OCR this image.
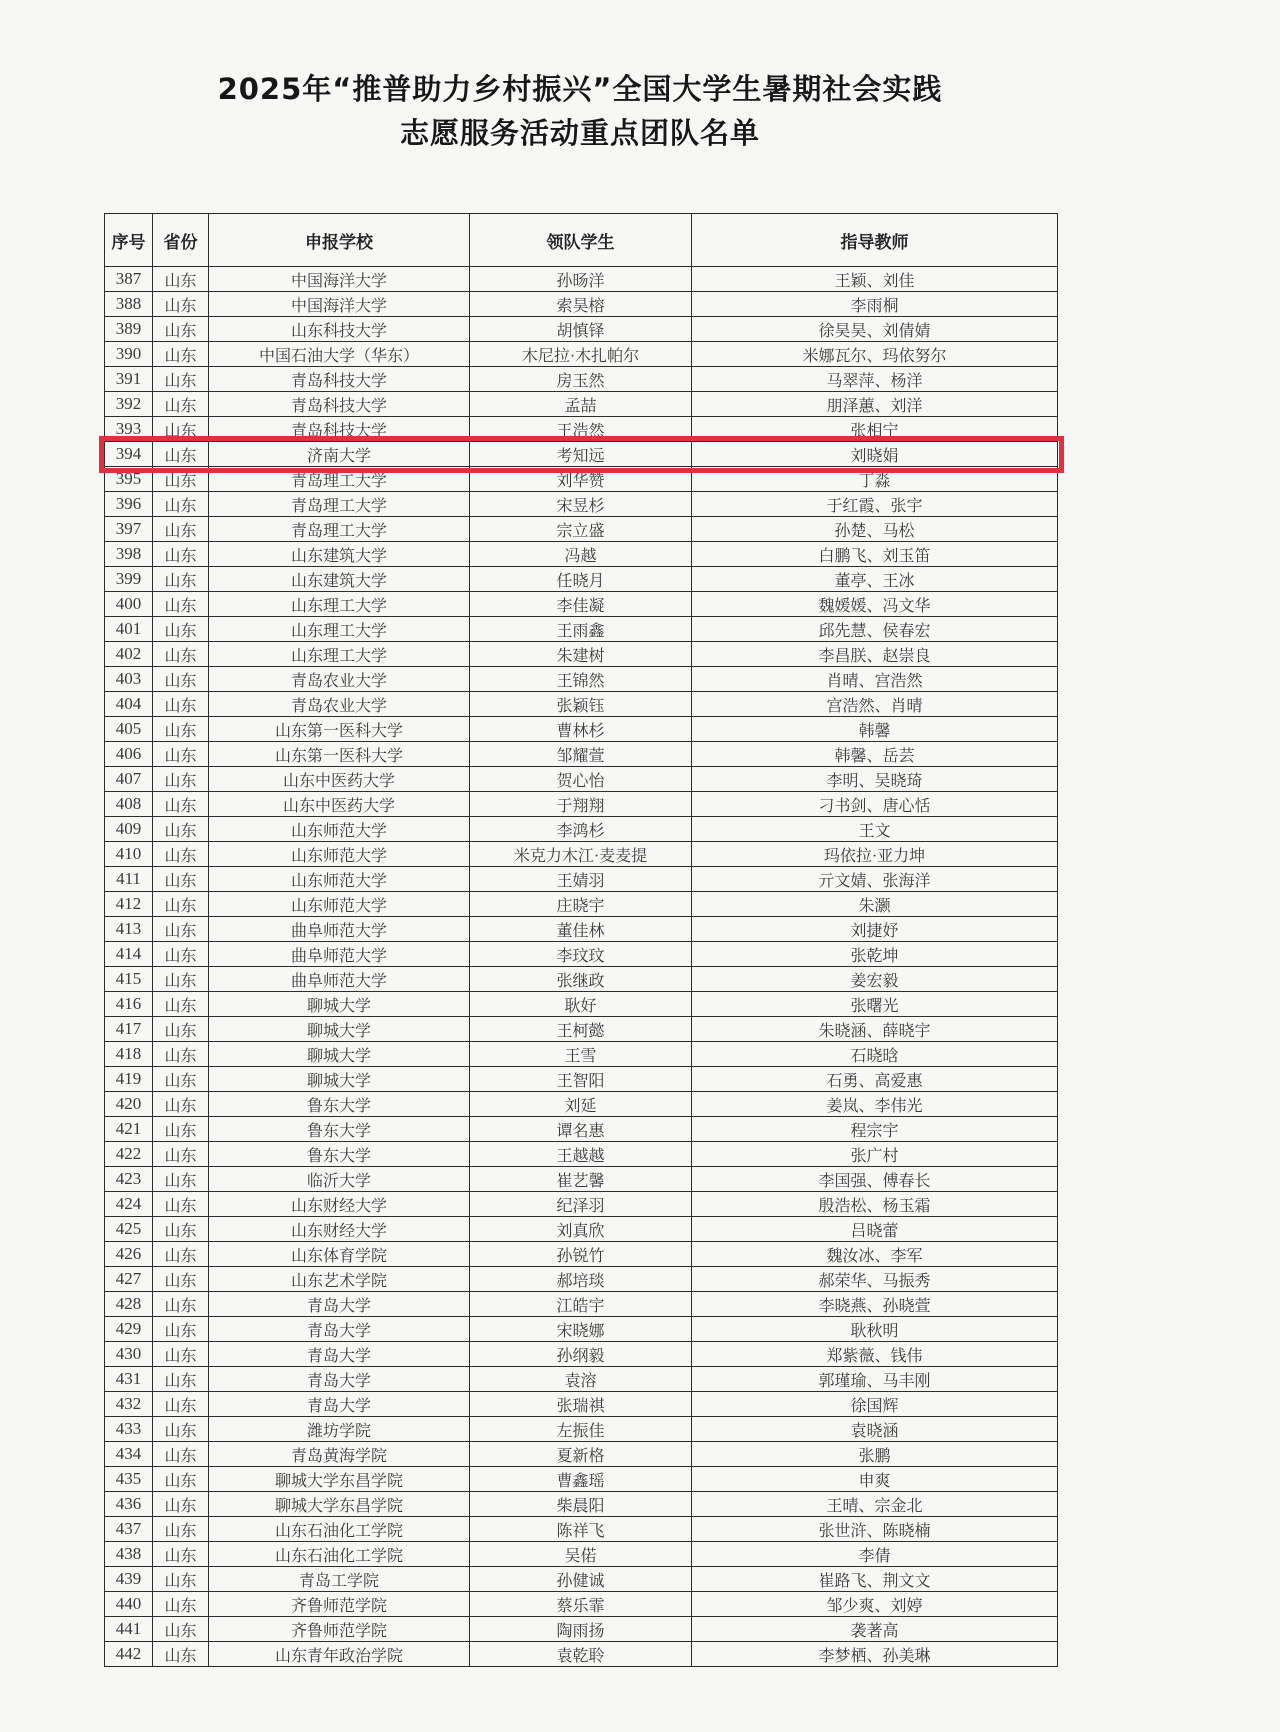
2025年“推普助力乡村振兴”全国大学生暑期社会实践
志愿服务活动重点团队名单
序号	省份	申报学校	领队学生	指导教师
387	山东	中国海洋大学	孙旸洋	王颖、刘佳
388	山东	中国海洋大学	索昊榕	李雨桐
389	山东	山东科技大学	胡慎铎	徐昊昊、刘倩婧
390	山东	中国石油大学（华东）	木尼拉·木扎帕尔	米娜瓦尔、玛依努尔
391	山东	青岛科技大学	房玉然	马翠萍、杨洋
392	山东	青岛科技大学	孟喆	朋泽蕙、刘洋
393	山东	青岛科技大学	王浩然	张相宁
394	山东	济南大学	考知远	刘晓娟
395	山东	青岛理工大学	刘华赞	丁淼
396	山东	青岛理工大学	宋昱杉	于红霞、张宇
397	山东	青岛理工大学	宗立盛	孙楚、马松
398	山东	山东建筑大学	冯越	白鹏飞、刘玉笛
399	山东	山东建筑大学	任晓月	董亭、王冰
400	山东	山东理工大学	李佳凝	魏媛媛、冯文华
401	山东	山东理工大学	王雨鑫	邱先慧、侯春宏
402	山东	山东理工大学	朱建树	李昌朕、赵崇良
403	山东	青岛农业大学	王锦然	肖晴、宫浩然
404	山东	青岛农业大学	张颖钰	宫浩然、肖晴
405	山东	山东第一医科大学	曹林杉	韩馨
406	山东	山东第一医科大学	邹耀萱	韩馨、岳芸
407	山东	山东中医药大学	贺心怡	李明、吴晓琦
408	山东	山东中医药大学	于翔翔	刁书剑、唐心恬
409	山东	山东师范大学	李鸿杉	王文
410	山东	山东师范大学	米克力木江·麦麦提	玛依拉·亚力坤
411	山东	山东师范大学	王婧羽	亓文婧、张海洋
412	山东	山东师范大学	庄晓宇	朱灏
413	山东	曲阜师范大学	董佳林	刘捷妤
414	山东	曲阜师范大学	李玟玟	张乾坤
415	山东	曲阜师范大学	张继政	姜宏毅
416	山东	聊城大学	耿好	张曙光
417	山东	聊城大学	王柯懿	朱晓涵、薛晓宇
418	山东	聊城大学	王雪	石晓晗
419	山东	聊城大学	王智阳	石勇、高爱惠
420	山东	鲁东大学	刘延	姜岚、李伟光
421	山东	鲁东大学	谭名惠	程宗宇
422	山东	鲁东大学	王越越	张广村
423	山东	临沂大学	崔艺馨	李国强、傅春长
424	山东	山东财经大学	纪泽羽	殷浩松、杨玉霜
425	山东	山东财经大学	刘真欣	吕晓蕾
426	山东	山东体育学院	孙锐竹	魏汝冰、李军
427	山东	山东艺术学院	郝培琰	郝荣华、马振秀
428	山东	青岛大学	江皓宇	李晓燕、孙晓萱
429	山东	青岛大学	宋晓娜	耿秋明
430	山东	青岛大学	孙纲毅	郑紫薇、钱伟
431	山东	青岛大学	袁溶	郭瑾瑜、马丰刚
432	山东	青岛大学	张瑞祺	徐国辉
433	山东	潍坊学院	左振佳	袁晓涵
434	山东	青岛黄海学院	夏新格	张鹏
435	山东	聊城大学东昌学院	曹鑫瑶	申爽
436	山东	聊城大学东昌学院	柴晨阳	王晴、宗金北
437	山东	山东石油化工学院	陈祥飞	张世浒、陈晓楠
438	山东	山东石油化工学院	吴偌	李倩
439	山东	青岛工学院	孙健诚	崔路飞、荆文文
440	山东	齐鲁师范学院	蔡乐霏	邹少爽、刘婷
441	山东	齐鲁师范学院	陶雨扬	袭著高
442	山东	山东青年政治学院	袁乾聆	李梦栖、孙美琳
